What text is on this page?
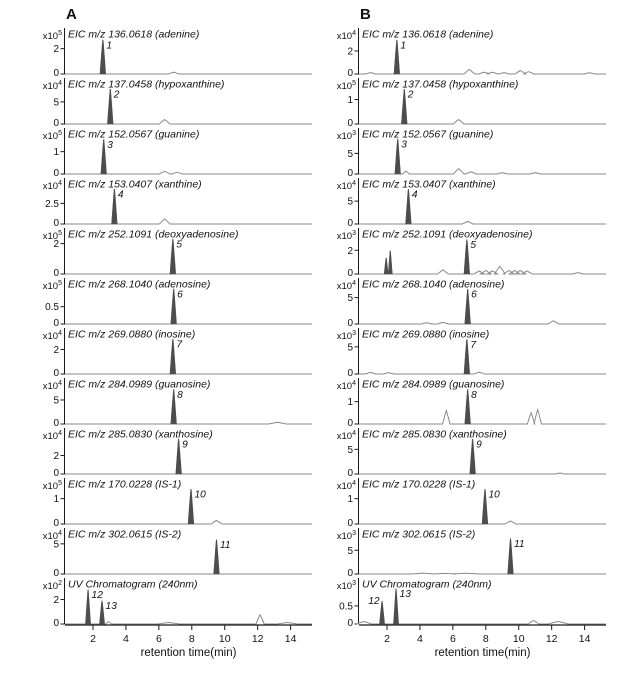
A
$x10^5$
2
0
1
EIC m/z 136.0618 (adenine)
$x10^4$
5
0
2
EIC m/z 137.0458 (hypoxanthine)
$x10^5$
1
0
3
EIC m/z 152.0567 (guanine)
$x10^4$
2.5
0
4
EIC m/z 153.0407 (xanthine)
$x10^5$
2
0
5
EIC m/z 252.1091 (deoxyadenosine)
$x10^5$
0.5
0
6
EIC m/z 268.1040 (adenosine)
$x10^4$
2
0
7
EIC m/z 269.0880 (inosine)
$x10^4$
5
0
8
EIC m/z 284.0989 (guanosine)
$x10^4$
2
0
9
EIC m/z 285.0830 (xanthosine)
$x10^5$
1
0
10
EIC m/z 170.0228 (IS-1)
$x10^4$
5
0
11
EIC m/z 302.0615 (IS-2)
$x10^2$
2
0
12
13
UV Chromatogram (240nm)
2	4	6	8 10 12 14
retention time(min)
B
$x10^4$
2
0
1
EIC m/z 136.0618 (adenine)
$x10^5$
1
0
2
EIC m/z 137.0458 (hypoxanthine)
$x10^3$
5
0
3
EIC m/z 152.0567 (guanine)
$x10^4$
5
0
4
EIC m/z 153.0407 (xanthine)
$x10^3$
2
0
5
EIC m/z 252.1091 (deoxyadenosine)
$x10^4$
5
0
6
EIC m/z 268.1040 (adenosine)
$x10^3$
5
0
7
EIC m/z 269.0880 (inosine)
$x10^4$
1
0
8
EIC m/z 284.0989 (guanosine)
$x10^4$
5
0
9
EIC m/z 285.0830 (xanthosine)
$x10^4$
1
0
10
EIC m/z 170.0228 (IS-1)
$x10^3$
5
0
11
EIC m/z 302.0615 (IS-2)
$x10^3$
0.5
0
12
13
UV Chromatogram (240nm)
2	4	6	8 10 12 14
retention time(min)
